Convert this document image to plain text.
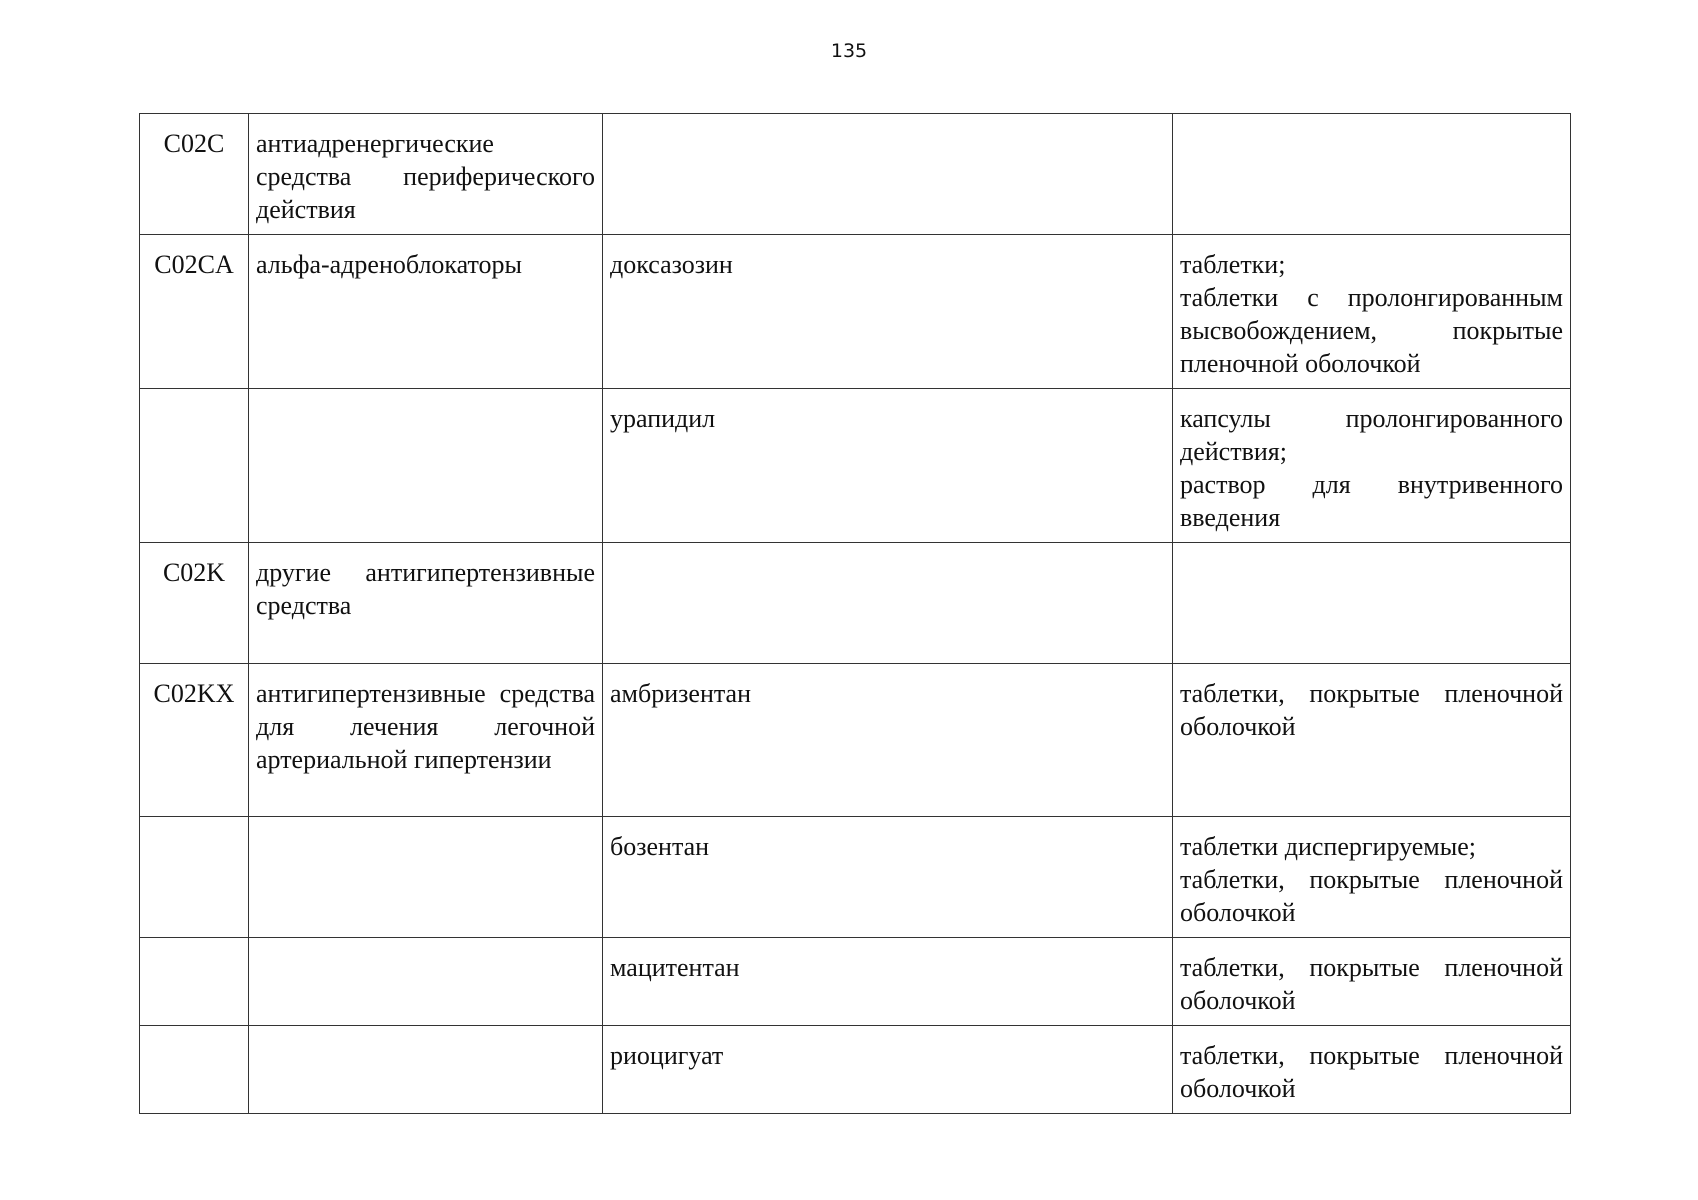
135
C02C	антиадренергические средства периферического действия		
C02CA	альфа-адреноблокаторы	доксазозин	таблетки;
таблетки с пролонгированным высвобождением, покрытые пленочной оболочкой

		урапидил	капсулы пролонгированного действия;
раствор для внутривенного введения

C02K	другие антигипертензивные средства		
C02KX	антигипертензивные средства для лечения легочной артериальной гипертензии	амбризентан	таблетки, покрытые пленочной оболочкой

		бозентан	таблетки диспергируемые;
таблетки, покрытые пленочной оболочкой

		мацитентан	таблетки, покрытые пленочной оболочкой

		риоцигуат	таблетки, покрытые пленочной оболочкой
